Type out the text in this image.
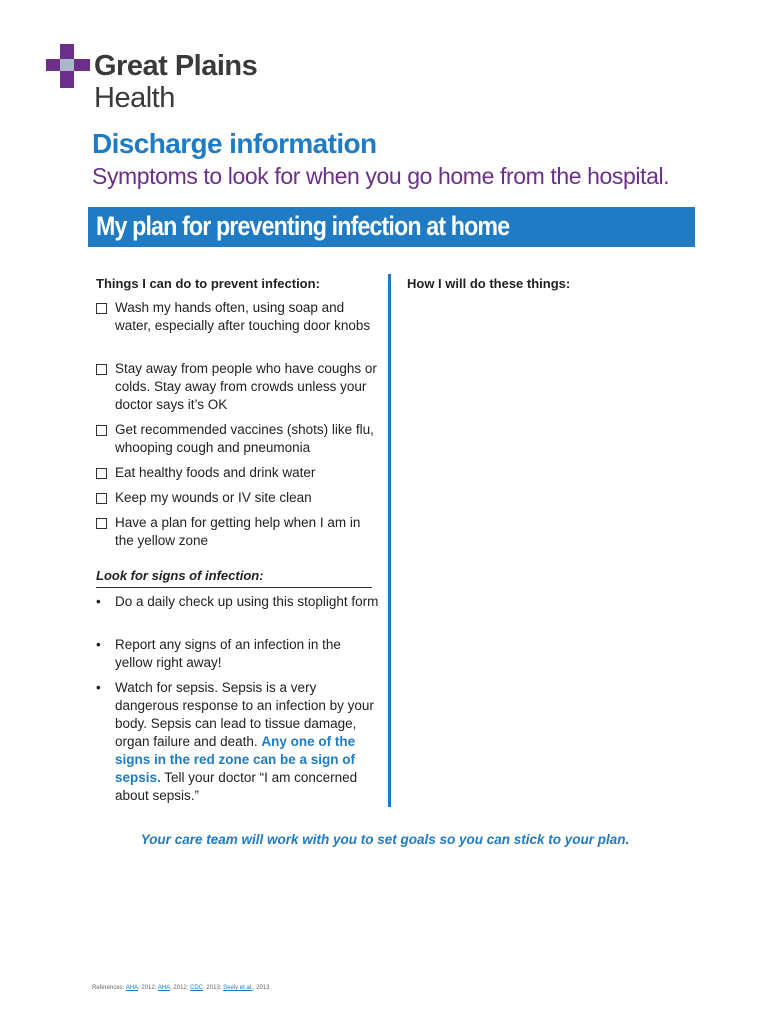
Great Plains
Health
Discharge information
Symptoms to look for when you go home from the hospital.
My plan for preventing infection at home
Things I can do to prevent infection:	How I will do these things:
Wash my hands often, using soap and water, especially after touching door knobs
Stay away from people who have coughs or colds. Stay away from crowds unless your doctor says it’s OK
Get recommended vaccines (shots) like flu, whooping cough and pneumonia
Eat healthy foods and drink water
Keep my wounds or IV site clean
Have a plan for getting help when I am in the yellow zone
Look for signs of infection:
• Do a daily check up using this stoplight form
• Report any signs of an infection in the yellow right away!
• Watch for sepsis. Sepsis is a very dangerous response to an infection by your body. Sepsis can lead to tissue damage, organ failure and death. Any one of the signs in the red zone can be a sign of sepsis. Tell your doctor “I am concerned about sepsis.”
Your care team will work with you to set goals so you can stick to your plan.
References: AHA, 2012; AHA, 2012; CDC, 2013; Seely et al., 2013
